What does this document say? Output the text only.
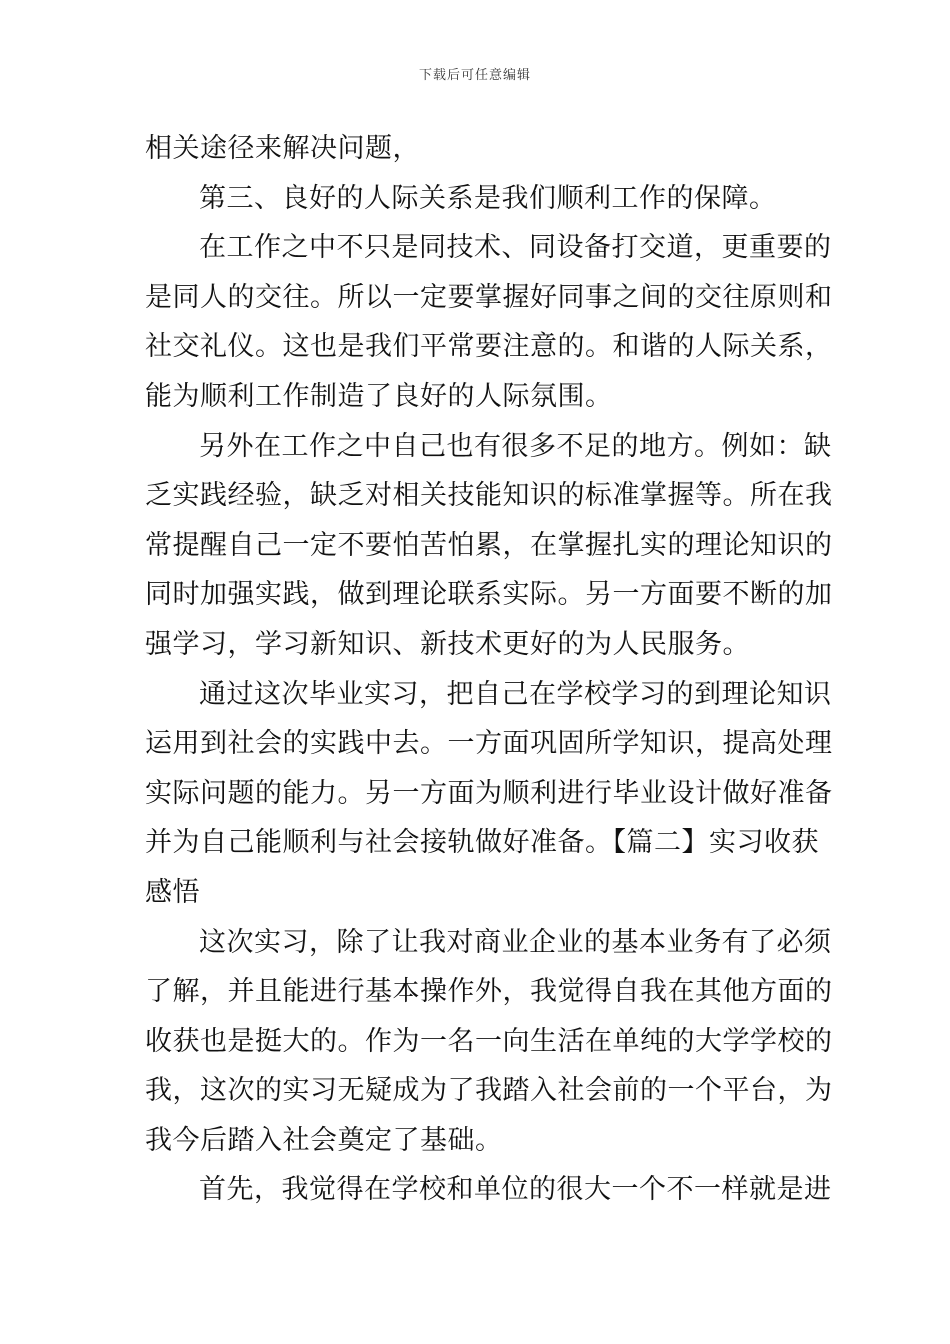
下载后可任意编辑
相关途径来解决问题，
第三、良好的人际关系是我们顺利工作的保障。
在工作之中不只是同技术、同设备打交道，更重要的
是同人的交往。所以一定要掌握好同事之间的交往原则和
社交礼仪。这也是我们平常要注意的。和谐的人际关系，
能为顺利工作制造了良好的人际氛围。
另外在工作之中自己也有很多不足的地方。例如：缺
乏实践经验，缺乏对相关技能知识的标准掌握等。所在我
常提醒自己一定不要怕苦怕累，在掌握扎实的理论知识的
同时加强实践，做到理论联系实际。另一方面要不断的加
强学习，学习新知识、新技术更好的为人民服务。
通过这次毕业实习，把自己在学校学习的到理论知识
运用到社会的实践中去。一方面巩固所学知识，提高处理
实际问题的能力。另一方面为顺利进行毕业设计做好准备
并为自己能顺利与社会接轨做好准备。【篇二】实习收获
感悟
这次实习，除了让我对商业企业的基本业务有了必须
了解，并且能进行基本操作外，我觉得自我在其他方面的
收获也是挺大的。作为一名一向生活在单纯的大学学校的
我，这次的实习无疑成为了我踏入社会前的一个平台，为
我今后踏入社会奠定了基础。
首先，我觉得在学校和单位的很大一个不一样就是进
